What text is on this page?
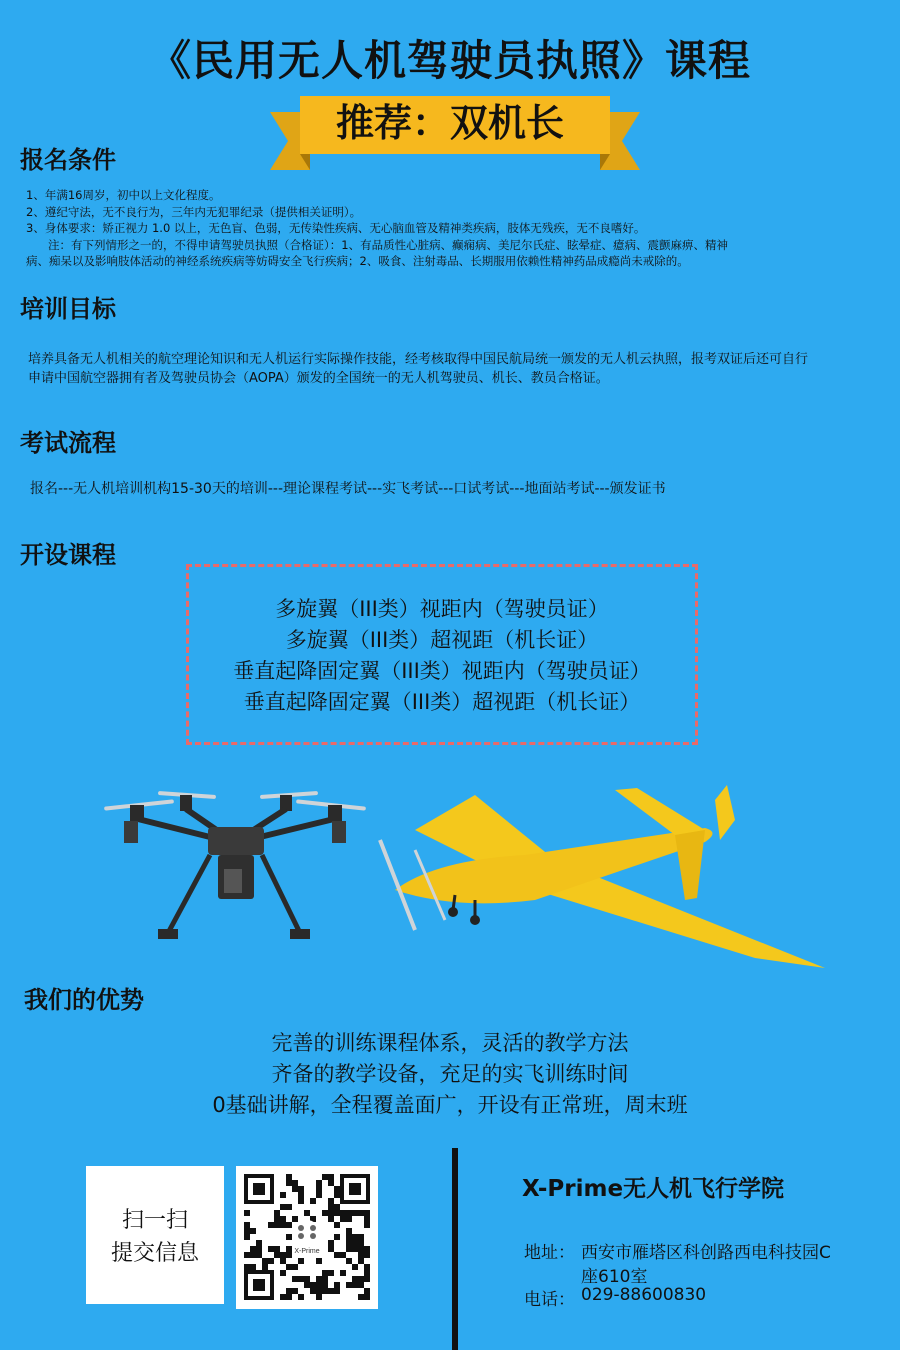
《民用无人机驾驶员执照》课程
推荐：双机长
报名条件
1、年满16周岁，初中以上文化程度。
2、遵纪守法，无不良行为，三年内无犯罪纪录（提供相关证明）。
3、身体要求：矫正视力 1.0 以上，无色盲、色弱，无传染性疾病、无心脑血管及精神类疾病，肢体无残疾，无不良嗜好。
注：有下列情形之一的，不得申请驾驶员执照（合格证）：1、有品质性心脏病、癫痫病、美尼尔氏症、眩晕症、癔病、震颤麻痹、精神
病、痴呆以及影响肢体活动的神经系统疾病等妨碍安全飞行疾病；2、吸食、注射毒品、长期服用依赖性精神药品成瘾尚未戒除的。
培训目标
培养具备无人机相关的航空理论知识和无人机运行实际操作技能，经考核取得中国民航局统一颁发的无人机云执照，报考双证后还可自行
申请中国航空器拥有者及驾驶员协会（AOPA）颁发的全国统一的无人机驾驶员、机长、教员合格证。
考试流程
报名---无人机培训机构15-30天的培训---理论课程考试---实飞考试---口试考试---地面站考试---颁发证书
开设课程
多旋翼（III类）视距内（驾驶员证）
多旋翼（III类）超视距（机长证）
垂直起降固定翼（III类）视距内（驾驶员证）
垂直起降固定翼（III类）超视距（机长证）
我们的优势
完善的训练课程体系，灵活的教学方法
齐备的教学设备，充足的实飞训练时间
0基础讲解，全程覆盖面广，开设有正常班，周末班
扫一扫
提交信息	X-Prime
X-Prime无人机飞行学院
地址： 西安市雁塔区科创路西电科技园C
座610室
电话： 029-88600830
